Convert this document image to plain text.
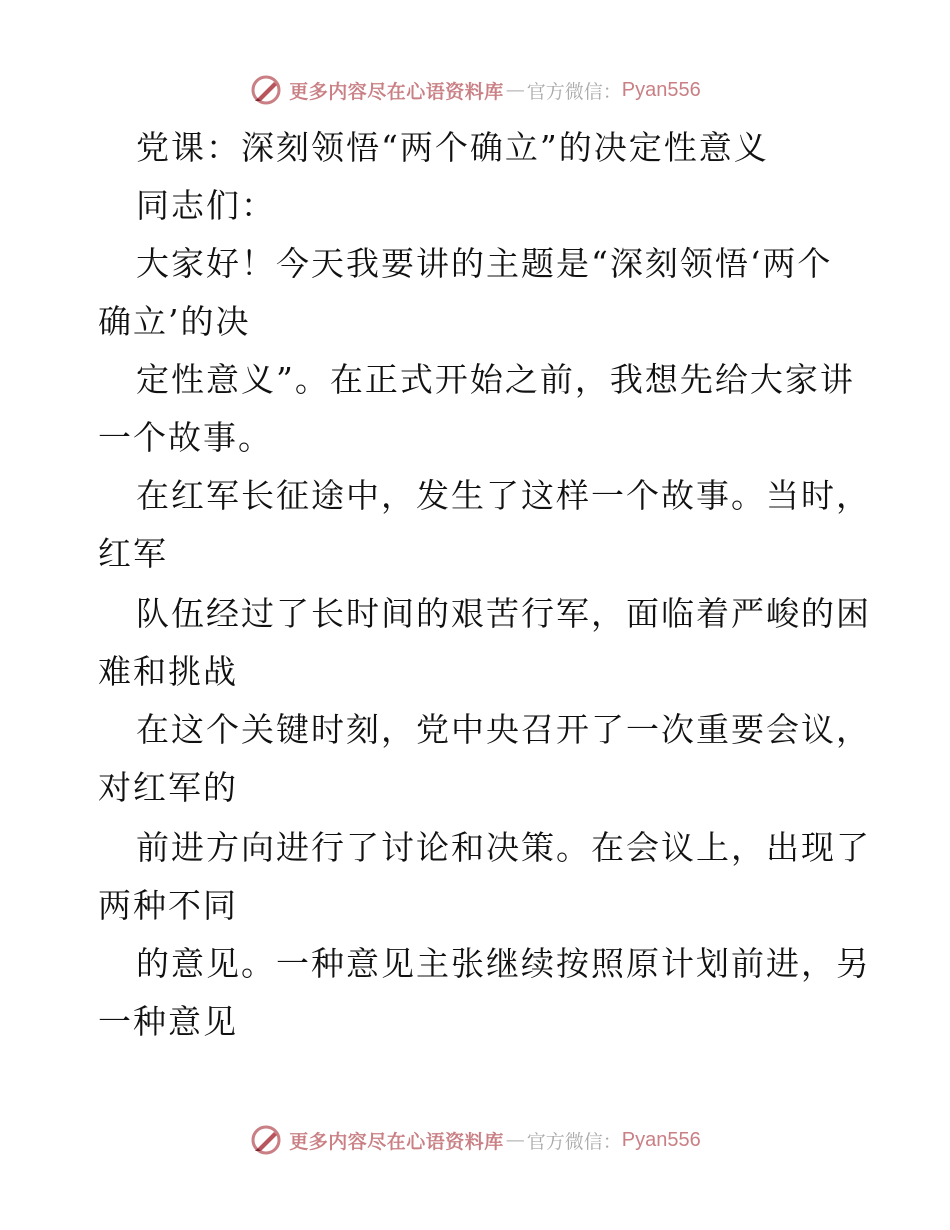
更多内容尽在心语资料库 — 官方微信： Pyan556
党课：深刻领悟“两个确立”的决定性意义
同志们：
大家好！今天我要讲的主题是“深刻领悟‘两个
确立’的决
定性意义”。在正式开始之前，我想先给大家讲
一个故事。
在红军长征途中，发生了这样一个故事。当时，
红军
队伍经过了长时间的艰苦行军，面临着严峻的困
难和挑战
在这个关键时刻，党中央召开了一次重要会议，
对红军的
前进方向进行了讨论和决策。在会议上，出现了
两种不同
的意见。一种意见主张继续按照原计划前进，另
一种意见
更多内容尽在心语资料库 — 官方微信： Pyan556
